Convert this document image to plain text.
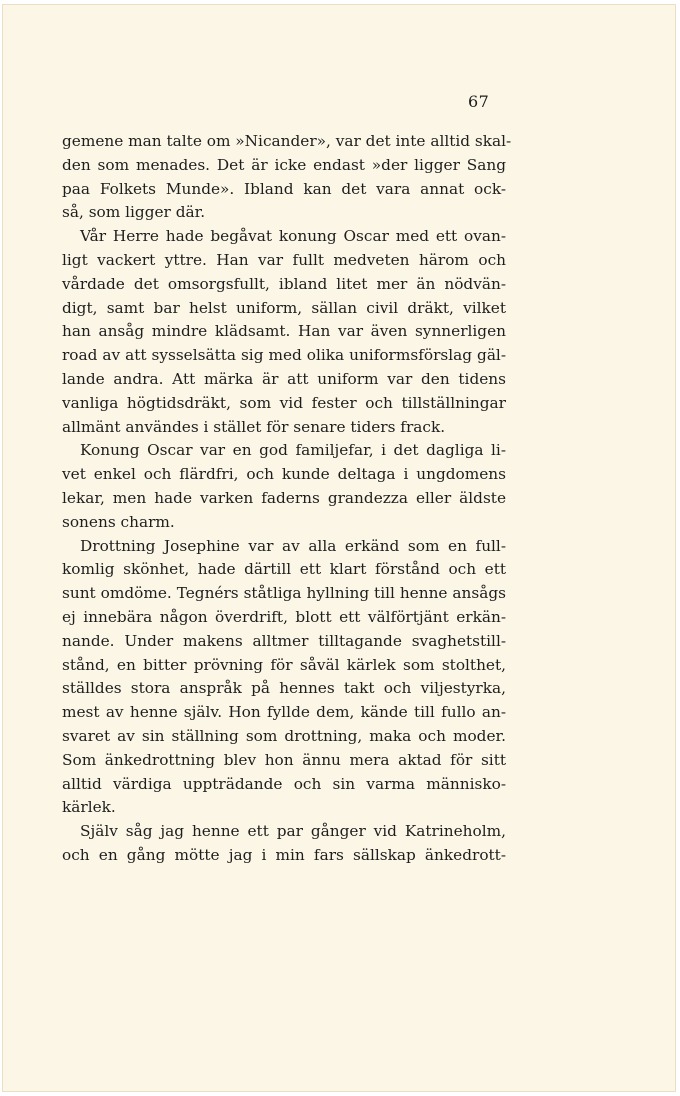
67
gemene man talte om »Nicander», var det inte alltid skal-
den som menades. Det är icke endast »der ligger Sang
paa Folkets Munde». Ibland kan det vara annat ock-
så, som ligger där.
Vår Herre hade begåvat konung Oscar med ett ovan-
ligt vackert yttre. Han var fullt medveten härom och
vårdade det omsorgsfullt, ibland litet mer än nödvän-
digt, samt bar helst uniform, sällan civil dräkt, vilket
han ansåg mindre klädsamt. Han var även synnerligen
road av att sysselsätta sig med olika uniformsförslag gäl-
lande andra. Att märka är att uniform var den tidens
vanliga högtidsdräkt, som vid fester och tillställningar
allmänt användes i stället för senare tiders frack.
Konung Oscar var en god familjefar, i det dagliga li-
vet enkel och flärdfri, och kunde deltaga i ungdomens
lekar, men hade varken faderns grandezza eller äldste
sonens charm.
Drottning Josephine var av alla erkänd som en full-
komlig skönhet, hade därtill ett klart förstånd och ett
sunt omdöme. Tegnérs ståtliga hyllning till henne ansågs
ej innebära någon överdrift, blott ett välförtjänt erkän-
nande. Under makens alltmer tilltagande svaghetstill-
stånd, en bitter prövning för såväl kärlek som stolthet,
ställdes stora anspråk på hennes takt och viljestyrka,
mest av henne själv. Hon fyllde dem, kände till fullo an-
svaret av sin ställning som drottning, maka och moder.
Som änkedrottning blev hon ännu mera aktad för sitt
alltid värdiga uppträdande och sin varma människo-
kärlek.
Själv såg jag henne ett par gånger vid Katrineholm,
och en gång mötte jag i min fars sällskap änkedrott-
